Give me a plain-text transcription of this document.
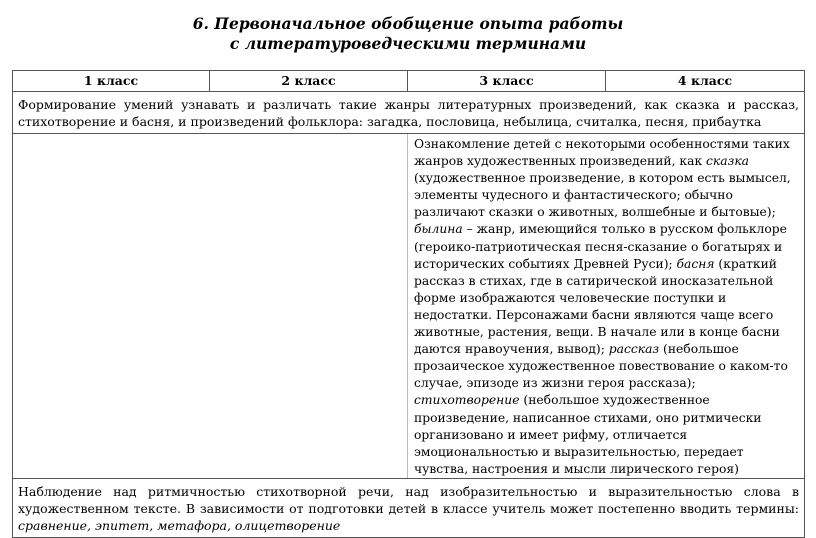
6. Первоначальное обобщение опыта работы
с литературоведческими терминами
1 класс	2 класс	3 класс	4 класс
Формирование умений узнавать и различать такие жанры литературных произведений, как сказка и рассказ, стихотворение и басня, и произведений фольклора: загадка, пословица, небылица, считалка, песня, прибаутка			
		Ознакомление детей с некоторыми особенностями таких жанров художественных произведений, как сказка (художественное произведение, в котором есть вымысел, элементы чудесного и фантастического; обычно различают сказки о животных, волшебные и бытовые); былина – жанр, имеющийся только в русском фольклоре (героико-патриотическая песня-сказание о богатырях и исторических событиях Древней Руси); басня (краткий рассказ в стихах, где в сатирической иносказательной форме изображаются человеческие поступки и недостатки. Персонажами басни являются чаще всего животные, растения, вещи. В начале или в конце басни даются нравоучения, вывод); рассказ (небольшое прозаическое художественное повествование о каком-то случае, эпизоде из жизни героя рассказа); стихотворение (небольшое художественное произведение, написанное стихами, оно ритмически организовано и имеет рифму, отличается эмоциональностью и выразительностью, передает чувства, настроения и мысли лирического героя)	
Наблюдение над ритмичностью стихотворной речи, над изобразительностью и выразительностью слова в художественном тексте. В зависимости от подготовки детей в классе учитель может постепенно вводить термины: сравнение, эпитет, метафора, олицетворение			
